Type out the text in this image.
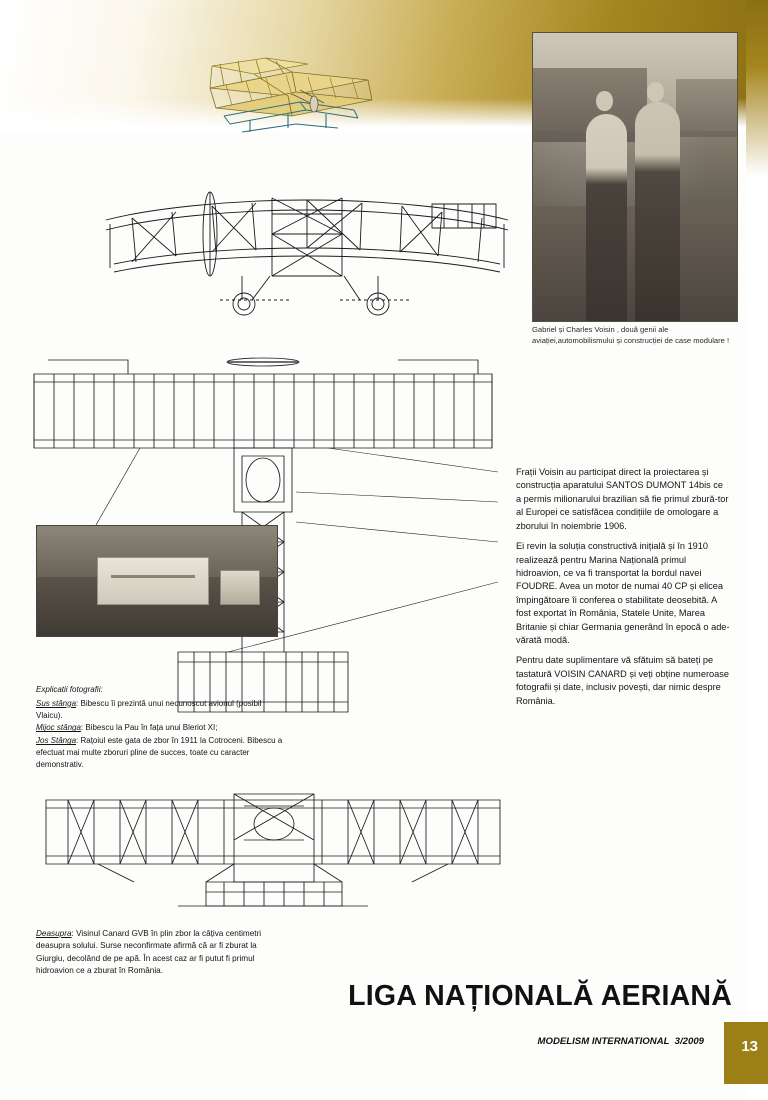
Gabriel și Charles Voisin , două genii ale aviației,automobilismului și construcției de case modulare !

Frații Voisin au participat direct la proiectarea și construcția aparatului SANTOS DUMONT 14bis ce a permis milionarului brazilian să fie primul zbură-tor al Europei ce satisfăcea condițiile de omologare a zborului în noiembrie 1906.

Ei revin la soluția constructivă inițială și în 1910 realizează pentru Marina Națională primul hidroavion, ce va fi transportat la bordul navei FOUDRE. Avea un motor de numai 40 CP și elicea împingătoare îi conferea o stabilitate deosebită. A fost exportat în România, Statele Unite, Marea Britanie și chiar Germania generând în epocă o ade-vărată modă.

Pentru date suplimentare vă sfătuim să bateți pe tastatură VOISIN CANARD și veți obține numeroase fotografii și date, inclusiv povești, dar nimic despre România.

Explicatii fotografii:

Sus stânga: Bibescu îi prezintă unui necunoscut avionul (posibil Vlaicu).

Mijoc stânga: Bibescu la Pau în fața unui Bleriot XI;

Jos Stânga: Rațoiul este gata de zbor în 1911 la Cotroceni. Bibescu a efectuat mai multe zboruri pline de succes, toate cu caracter demonstrativ.

Deasupra: Visinul Canard GVB în plin zbor la câțiva centimetri deasupra solului. Surse neconfirmate afirmă că ar fi zburat la Giurgiu, decolând de pe apă. În acest caz ar fi putut fi primul hidroavion ce a zburat în România.
LIGA NAȚIONALĂ AERIANĂ
MODELISM INTERNATIONAL 3/2009 13
